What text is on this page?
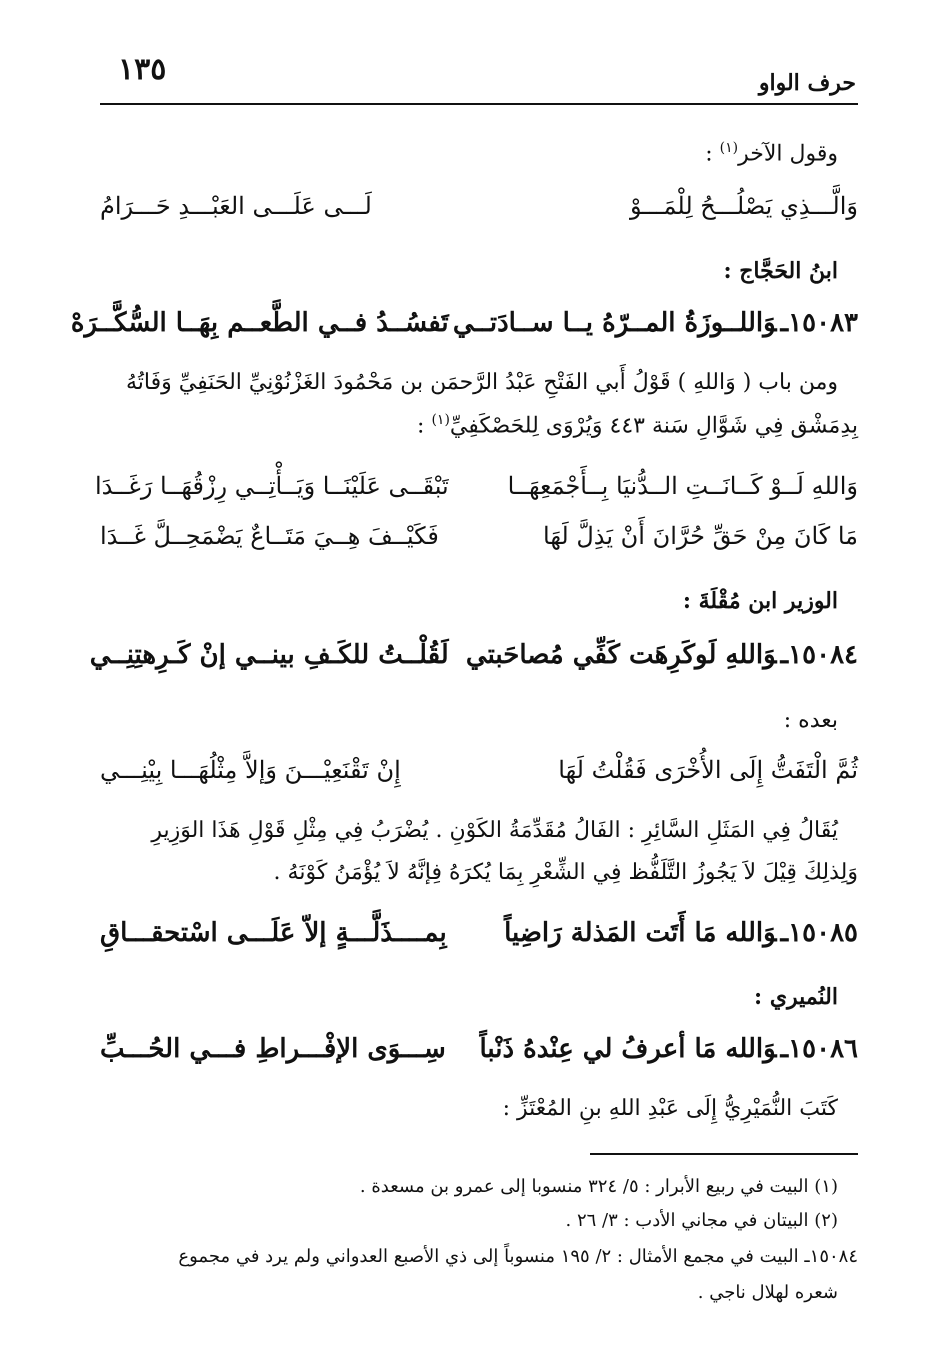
١٣٥	حرف الواو
وقول الآخر$^{(١)}$ :
وَالَّـــذِي يَصْلُـــحُ لِلْمَـــوْ
لَـــى عَلَـــى العَبْـــدِ حَـــرَامُ
ابنُ الحَجَّاج :
١٥٠٨٣ـوَاللــوزَةُ المــرّهُ يــا ســادَتــي
تَفسُــدُ فــي الطَّعــم بِهَــا السُّكَّــرَهْ
ومن باب ( وَاللهِ ) قَوْلُ أَبي الفَتْحِ عَبْدُ الرَّحمَن بن مَحْمُودَ الغَزْنُوْنِيِّ الحَنَفِيِّ وَفَاتُهُ
بِدِمَشْق فِي شَوَّالِ سَنة ٤٤٣ وَيُرْوَى لِلحَصْكَفِيِّ$^{(١)}$ :
وَاللهِ لَــوْ كَــانَــتِ الــدُّنيَا بِــأَجْمَعِهَــا
تَبْقَــى عَلَيْنَــا وَيَــأْتِــي رِزْقُهَــا رَغَــدَا
مَا كَانَ مِنْ حَقِّ حُرَّانَ أَنْ يَذِلَّ لَهَا
فَكَيْــفَ هِــيَ مَتَــاعٌ يَضْمَحِــلَّ غَــدَا
الوزير ابن مُقْلَةَ :
١٥٠٨٤ـوَاللهِ لَوكَرِهَت كَفِّي مُصاحَبتي
لَقُلْــتُ للكَـفِ بينــي إنْ كَـرِهتِنِــي
بعده :
ثُمَّ الْتَفَتُّ إِلَى الأُخْرَى فَقُلْتُ لَهَا
إِنْ تَقْنَعِيْـــنَ وَإلاَّ مِثْلُهَـــا بِيْنِـــي
يُقَالُ فِي المَثَلِ السَّائِرِ : الفَالُ مُقَدِّمَةُ الكَوْنِ . يُضْرَبُ فِي مِثْلِ قَوْلِ هَذَا الوَزِيرِ
وَلِذلِكَ قِيْلَ لاَ يَجُوزُ التَّلَفُّظ فِي الشِّعْرِ بِمَا يُكرَهُ فِإنَّهُ لاَ يُؤْمَنُ كَوْنَهُ .
١٥٠٨٥ـوَالله مَا أَتَت المَذلة رَاضِياً
بِمــــذَلَّـــةٍ إلاّ عَلَـــى اسْتحقـــاقِ
النُميري :
١٥٠٨٦ـوَالله مَا أعرفُ لي عِنْدهُ ذَنْباً
سِـــوَى الإفْـــراطِ فـــي الحُـــبِّ
كَتَبَ النُّمَيْرِيُّ إِلَى عَبْدِ اللهِ بنِ المُعْتَزِّ :
(١) البيت في ربيع الأبرار : ٥/ ٣٢٤ منسوبا إلى عمرو بن مسعدة .
(٢) البيتان في مجاني الأدب : ٣/ ٢٦ .
١٥٠٨٤ـ البيت في مجمع الأمثال : ٢/ ١٩٥ منسوباً إلى ذي الأصبع العدواني ولم يرد في مجموع
شعره لهلال ناجي .
